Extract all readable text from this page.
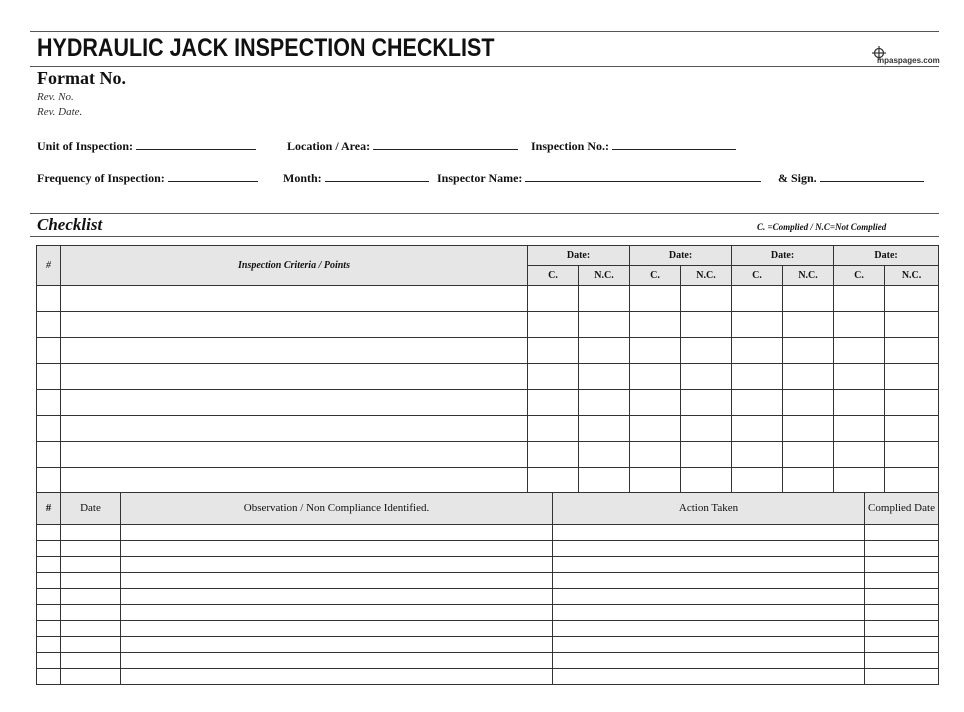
HYDRAULIC JACK INSPECTION CHECKLIST	inpaspages.com
Format No.
Rev. No.
Rev. Date.
Unit of Inspection:	Location / Area:	Inspection No.:
Frequency of Inspection:	Month:	Inspector Name:	& Sign.
Checklist	C. =Complied / N.C=Not Complied
#	Inspection Criteria / Points	Date:		Date:		Date:		Date:	
		C.	N.C.	C.	N.C.	C.	N.C.	C.	N.C.

#	Date	Observation / Non Compliance Identified.	Action Taken	Complied Date
